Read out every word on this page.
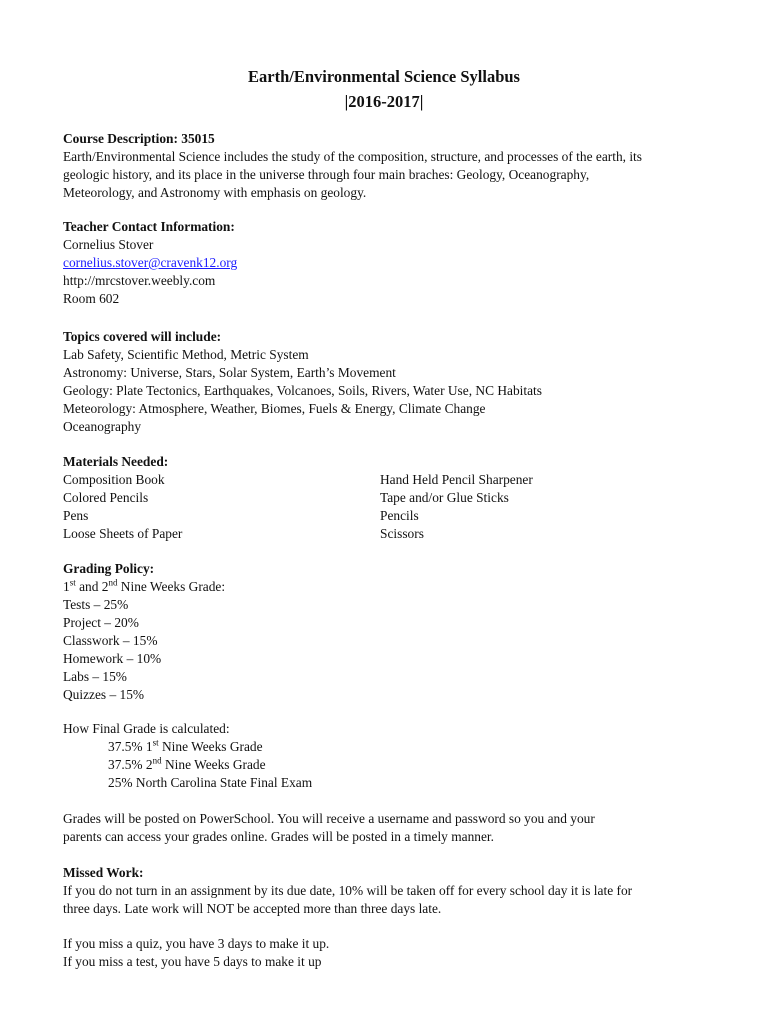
Earth/Environmental Science Syllabus
|2016-2017|
Course Description: 35015
Earth/Environmental Science includes the study of the composition, structure, and processes of the earth, its
geologic history, and its place in the universe through four main braches: Geology, Oceanography,
Meteorology, and Astronomy with emphasis on geology.
Teacher Contact Information:
Cornelius Stover
cornelius.stover@cravenk12.org
http://mrcstover.weebly.com
Room 602
Topics covered will include:
Lab Safety, Scientific Method, Metric System
Astronomy: Universe, Stars, Solar System, Earth’s Movement
Geology: Plate Tectonics, Earthquakes, Volcanoes, Soils, Rivers, Water Use, NC Habitats
Meteorology: Atmosphere, Weather, Biomes, Fuels & Energy, Climate Change
Oceanography
Materials Needed:
Composition Book
Colored Pencils
Pens
Loose Sheets of Paper
Hand Held Pencil Sharpener
Tape and/or Glue Sticks
Pencils
Scissors
Grading Policy:
1st and 2nd Nine Weeks Grade:
Tests – 25%
Project – 20%
Classwork – 15%
Homework – 10%
Labs – 15%
Quizzes – 15%
How Final Grade is calculated:
37.5% 1st Nine Weeks Grade
37.5% 2nd Nine Weeks Grade
25% North Carolina State Final Exam
Grades will be posted on PowerSchool. You will receive a username and password so you and your
parents can access your grades online. Grades will be posted in a timely manner.
Missed Work:
If you do not turn in an assignment by its due date, 10% will be taken off for every school day it is late for
three days. Late work will NOT be accepted more than three days late.
If you miss a quiz, you have 3 days to make it up.
If you miss a test, you have 5 days to make it up
